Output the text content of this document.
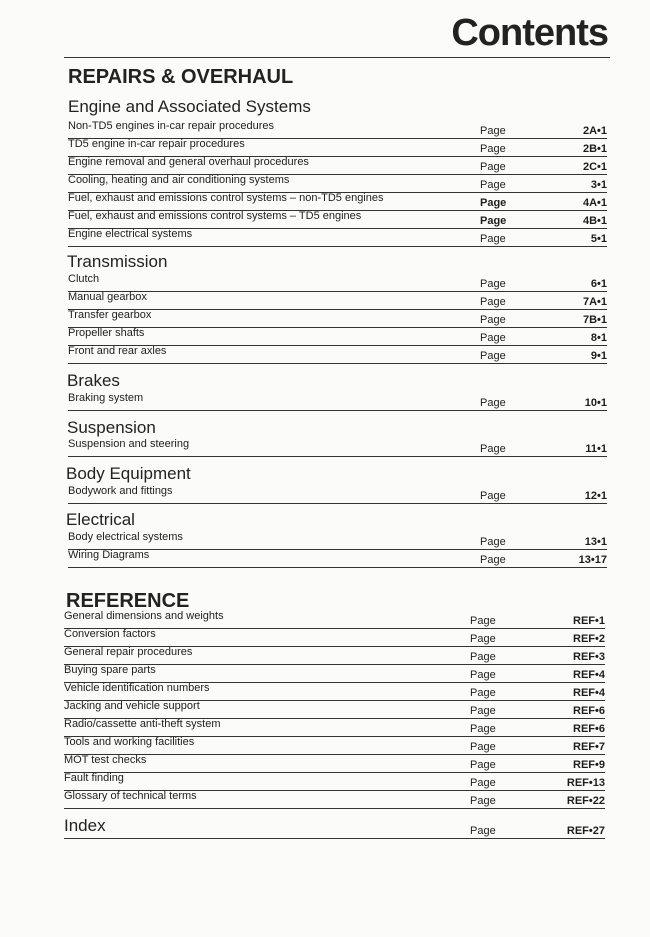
Contents
REPAIRS & OVERHAUL
Engine and Associated Systems
Non-TD5 engines in-car repair procedures	Page	2A•1
TD5 engine in-car repair procedures	Page	2B•1
Engine removal and general overhaul procedures	Page	2C•1
Cooling, heating and air conditioning systems	Page	3•1
Fuel, exhaust and emissions control systems – non-TD5 engines	Page	4A•1
Fuel, exhaust and emissions control systems – TD5 engines	Page	4B•1
Engine electrical systems	Page	5•1
Transmission
Clutch	Page	6•1
Manual gearbox	Page	7A•1
Transfer gearbox	Page	7B•1
Propeller shafts	Page	8•1
Front and rear axles	Page	9•1
Brakes
Braking system	Page	10•1
Suspension
Suspension and steering	Page	11•1
Body Equipment
Bodywork and fittings	Page	12•1
Electrical
Body electrical systems	Page	13•1
Wiring Diagrams	Page	13•17
REFERENCE
General dimensions and weights	Page	REF•1
Conversion factors	Page	REF•2
General repair procedures	Page	REF•3
Buying spare parts	Page	REF•4
Vehicle identification numbers	Page	REF•4
Jacking and vehicle support	Page	REF•6
Radio/cassette anti-theft system	Page	REF•6
Tools and working facilities	Page	REF•7
MOT test checks	Page	REF•9
Fault finding	Page	REF•13
Glossary of technical terms	Page	REF•22
Index	Page	REF•27
